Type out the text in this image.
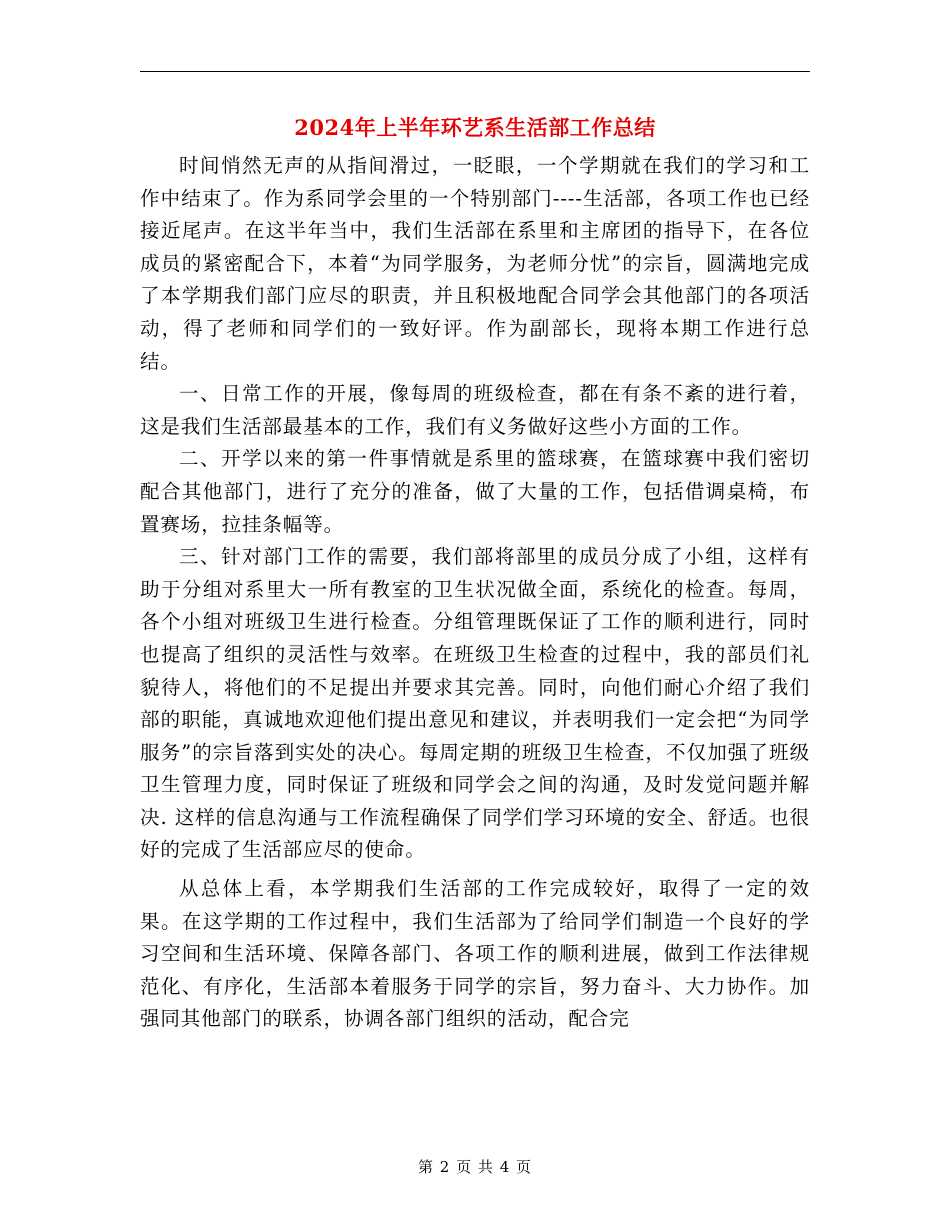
2024年上半年环艺系生活部工作总结

时间悄然无声的从指间滑过，一眨眼，一个学期就在我们的学习和工作中结束了。作为系同学会里的一个特别部门----生活部，各项工作也已经接近尾声。在这半年当中，我们生活部在系里和主席团的指导下，在各位成员的紧密配合下，本着“为同学服务，为老师分忧”的宗旨，圆满地完成了本学期我们部门应尽的职责，并且积极地配合同学会其他部门的各项活动，得了老师和同学们的一致好评。作为副部长，现将本期工作进行总结。

一、日常工作的开展，像每周的班级检查，都在有条不紊的进行着，这是我们生活部最基本的工作，我们有义务做好这些小方面的工作。

二、开学以来的第一件事情就是系里的篮球赛，在篮球赛中我们密切配合其他部门，进行了充分的准备，做了大量的工作，包括借调桌椅，布置赛场，拉挂条幅等。

三、针对部门工作的需要，我们部将部里的成员分成了小组，这样有助于分组对系里大一所有教室的卫生状况做全面，系统化的检查。每周，各个小组对班级卫生进行检查。分组管理既保证了工作的顺利进行，同时也提高了组织的灵活性与效率。在班级卫生检查的过程中，我的部员们礼貌待人，将他们的不足提出并要求其完善。同时，向他们耐心介绍了我们部的职能，真诚地欢迎他们提出意见和建议，并表明我们一定会把“为同学服务”的宗旨落到实处的决心。每周定期的班级卫生检查，不仅加强了班级卫生管理力度，同时保证了班级和同学会之间的沟通，及时发觉问题并解决. 这样的信息沟通与工作流程确保了同学们学习环境的安全、舒适。也很好的完成了生活部应尽的使命。

从总体上看，本学期我们生活部的工作完成较好，取得了一定的效果。在这学期的工作过程中，我们生活部为了给同学们制造一个良好的学习空间和生活环境、保障各部门、各项工作的顺利进展，做到工作法律规范化、有序化，生活部本着服务于同学的宗旨，努力奋斗、大力协作。加强同其他部门的联系，协调各部门组织的活动，配合完

第 2 页 共 4 页
